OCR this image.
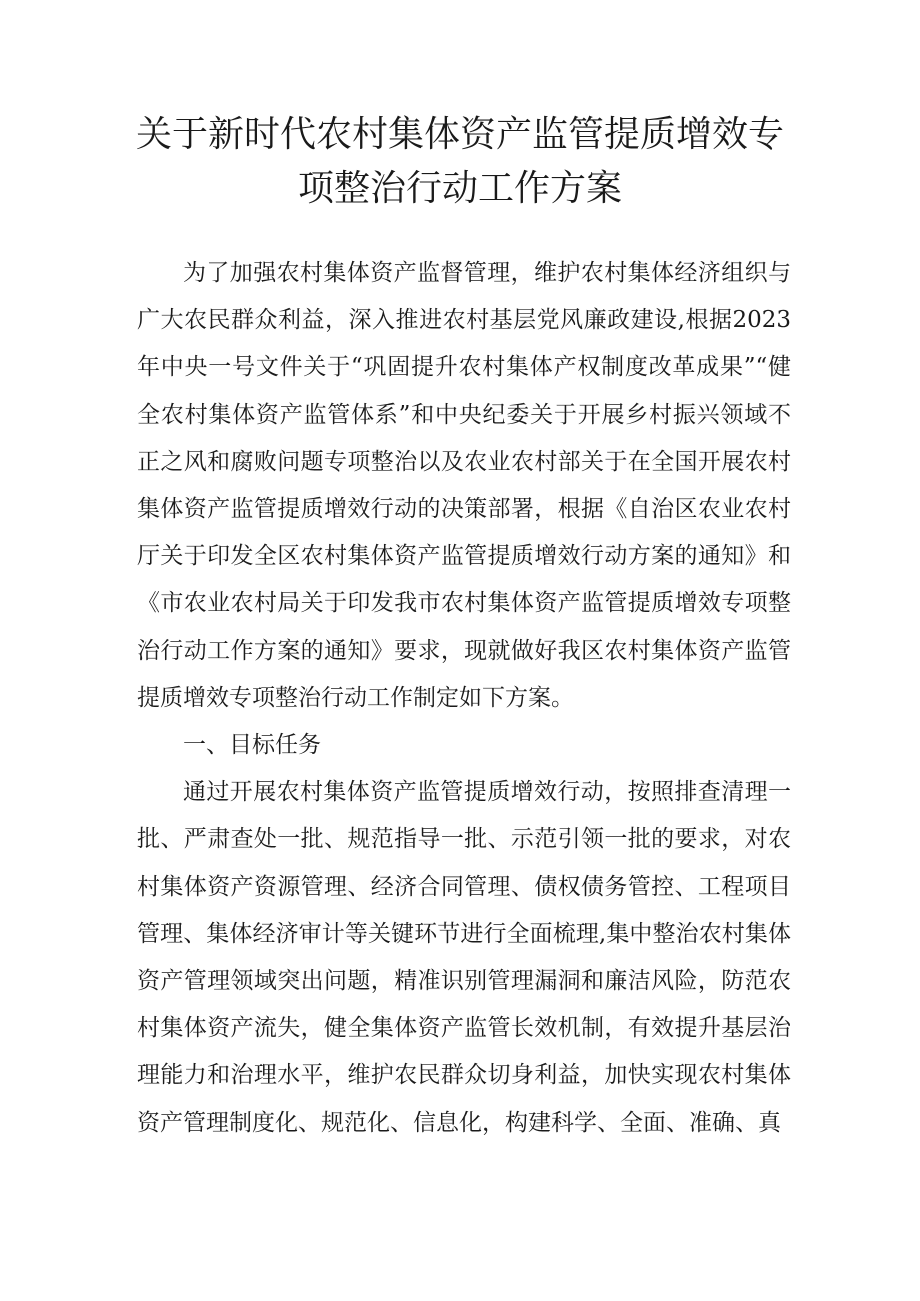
关于新时代农村集体资产监管提质增效专
项整治行动工作方案

为了加强农村集体资产监督管理，维护农村集体经济组织与广大农民群众利益，深入推进农村基层党风廉政建设,根据2023年中央一号文件关于“巩固提升农村集体产权制度改革成果”“健全农村集体资产监管体系”和中央纪委关于开展乡村振兴领域不正之风和腐败问题专项整治以及农业农村部关于在全国开展农村集体资产监管提质增效行动的决策部署，根据《自治区农业农村厅关于印发全区农村集体资产监管提质增效行动方案的通知》和《市农业农村局关于印发我市农村集体资产监管提质增效专项整治行动工作方案的通知》要求，现就做好我区农村集体资产监管提质增效专项整治行动工作制定如下方案。

一、目标任务

通过开展农村集体资产监管提质增效行动，按照排查清理一批、严肃查处一批、规范指导一批、示范引领一批的要求，对农村集体资产资源管理、经济合同管理、债权债务管控、工程项目管理、集体经济审计等关键环节进行全面梳理,集中整治农村集体资产管理领域突出问题，精准识别管理漏洞和廉洁风险，防范农村集体资产流失，健全集体资产监管长效机制，有效提升基层治理能力和治理水平，维护农民群众切身利益，加快实现农村集体资产管理制度化、规范化、信息化，构建科学、全面、准确、真
